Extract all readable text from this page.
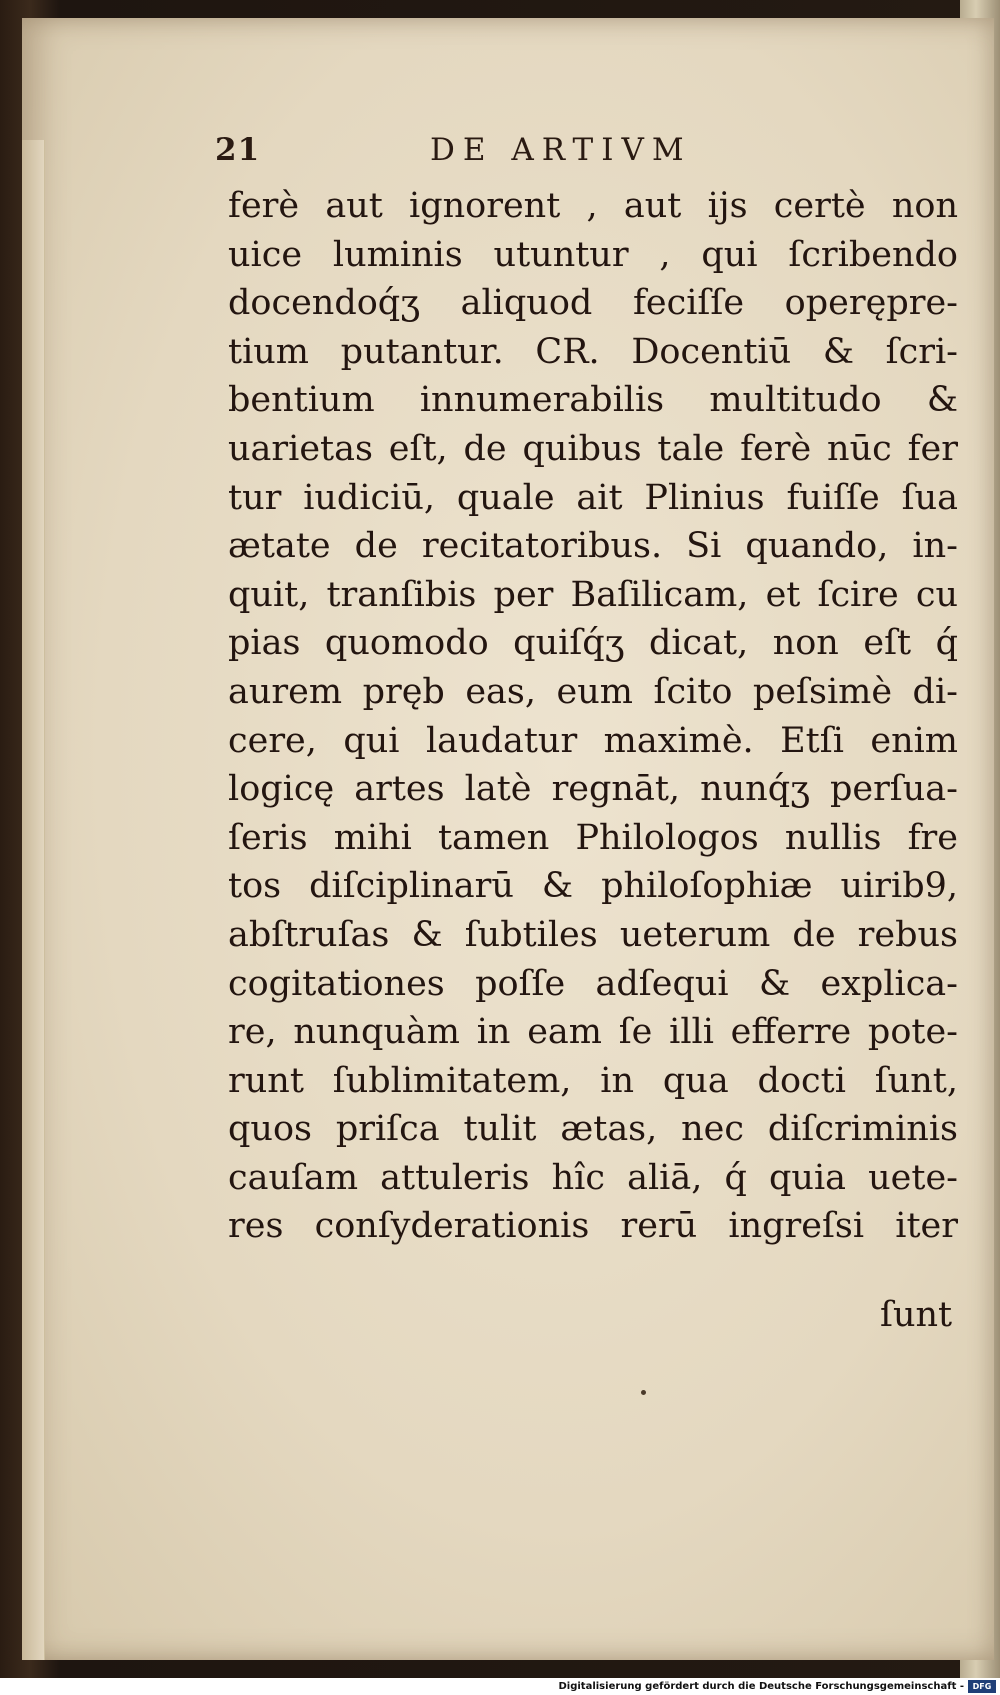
21	DE ARTIVM
ferè aut ignorent , aut ijs certè non
uice luminis utuntur , qui ſcribendo
docendoq́ʒ aliquod feciſſe operępre-
tium putantur. CR. Docentiū & ſcri-
bentium innumerabilis multitudo &
uarietas eſt, de quibus tale ferè nūc fer
tur iudiciū, quale ait Plinius fuiſſe ſua
ætate de recitatoribus. Si quando, in-
quit, tranſibis per Baſilicam, et ſcire cu
pias quomodo quiſq́ʒ dicat, non eſt q́
aurem pręb eas, eum ſcito peſsimè di-
cere, qui laudatur maximè. Etſi enim
logicę artes latè regnāt, nunq́ʒ perſua-
ſeris mihi tamen Philologos nullis fre
tos diſciplinarū & philoſophiæ uirib9,
abſtruſas & ſubtiles ueterum de rebus
cogitationes poſſe adſequi & explica-
re, nunquàm in eam ſe illi efferre pote-
runt ſublimitatem, in qua docti ſunt,
quos priſca tulit ætas, nec diſcriminis
cauſam attuleris hîc aliā, q́ quia uete-
res conſyderationis rerū ingreſsi iter
ſunt
Digitalisierung gefördert durch die Deutsche Forschungsgemeinschaft -	DFG
